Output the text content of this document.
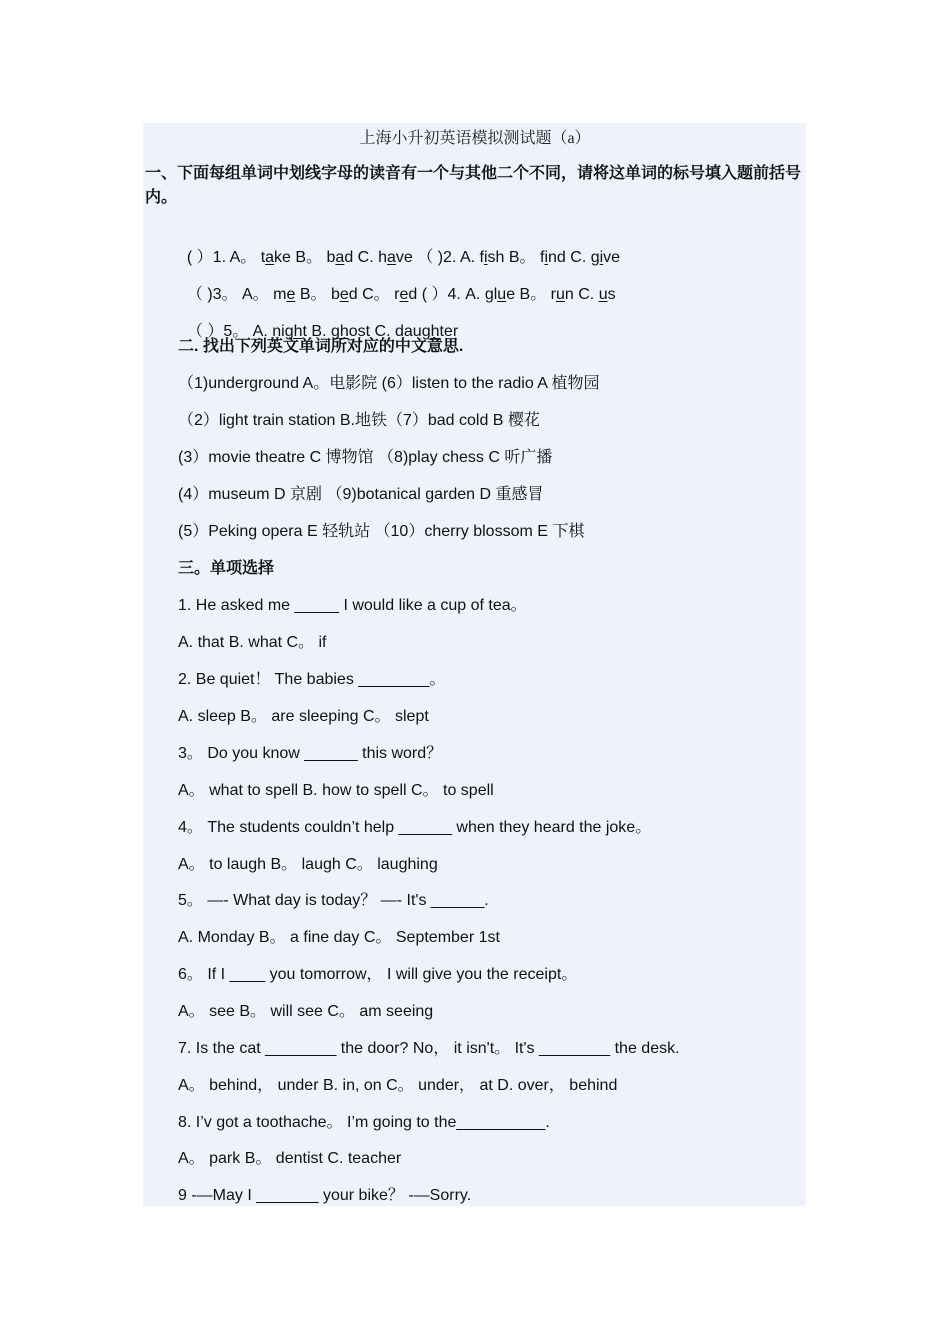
上海小升初英语模拟测试题（a）
一、下面每组单词中划线字母的读音有一个与其他二个不同，请将这单词的标号填入题前括号内。

( ）1. A。 take B。 bad C. have （ )2. A. fish B。 find C. give

（ )3。 A。 me B。 bed C。 red ( ）4. A. glue B。 run C. us

（ ）5。 A. night B. ghost C. daughter

二. 找出下列英文单词所对应的中文意思.
（1)underground A。电影院 (6）listen to the radio A 植物园
（2）light train station B.地铁（7）bad cold B 樱花
(3）movie theatre C 博物馆 （8)play chess C 听广播
(4）museum D 京剧 （9)botanical garden D 重感冒
(5）Peking opera E 轻轨站 （10）cherry blossom E 下棋
三。单项选择
1. He asked me _____ I would like a cup of tea。
A. that B. what C。 if
2. Be quiet！ The babies ________。
A. sleep B。 are sleeping C。 slept
3。 Do you know ______ this word？
A。 what to spell B. how to spell C。 to spell
4。 The students couldn’t help ______ when they heard the joke。
A。 to laugh B。 laugh C。 laughing
5。 —- What day is today？ —- It's ______.
A. Monday B。 a fine day C。 September 1st
6。 If I ____ you tomorrow， I will give you the receipt。
A。 see B。 will see C。 am seeing
7. Is the cat ________ the door? No， it isn't。 It's ________ the desk.
A。 behind， under B. in, on C。 under， at D. over， behind
8. I’v got a toothache。 I’m going to the__________.
A。 park B。 dentist C. teacher
9 -—May I _______ your bike？ -—Sorry.
